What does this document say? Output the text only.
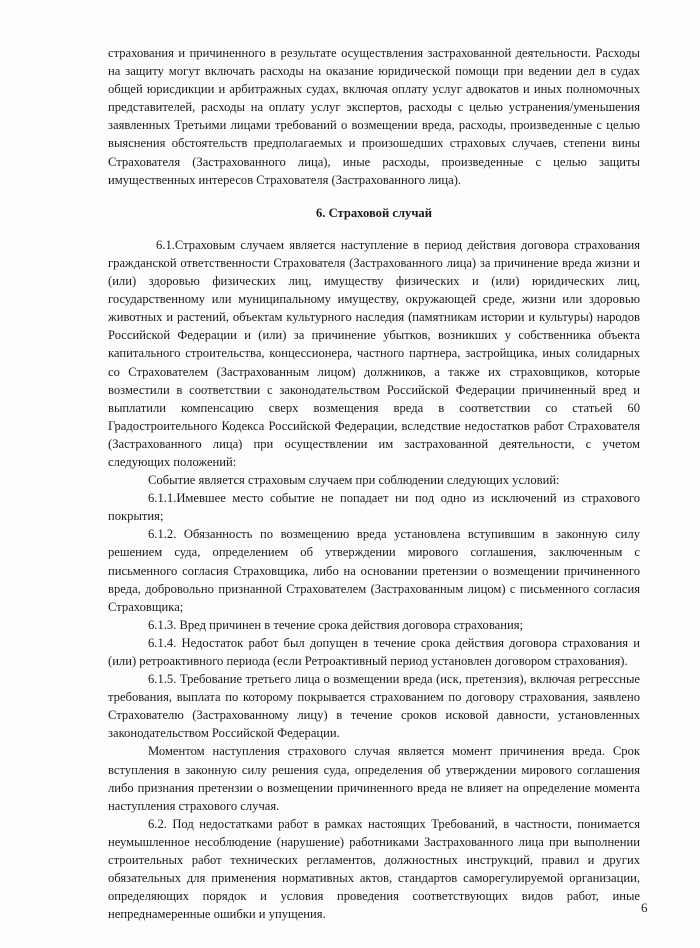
страхования и причиненного в результате осуществления застрахованной деятельности. Расходы на защиту могут включать расходы на оказание юридической помощи при ведении дел в судах общей юрисдикции и арбитражных судах, включая оплату услуг адвокатов и иных полномочных представителей, расходы на оплату услуг экспертов, расходы с целью устранения/уменьшения заявленных Третьими лицами требований о возмещении вреда, расходы, произведенные с целью выяснения обстоятельств предполагаемых и произошедших страховых случаев, степени вины Страхователя (Застрахованного лица), иные расходы, произведенные с целью защиты имущественных интересов Страхователя (Застрахованного лица).

6. Страховой случай

6.1.Страховым случаем является наступление в период действия договора страхования гражданской ответственности Страхователя (Застрахованного лица) за причинение вреда жизни и (или) здоровью физических лиц, имуществу физических и (или) юридических лиц, государственному или муниципальному имуществу, окружающей среде, жизни или здоровью животных и растений, объектам культурного наследия (памятникам истории и культуры) народов Российской Федерации и (или) за причинение убытков, возникших у собственника объекта капитального строительства, концессионера, частного партнера, застройщика, иных солидарных со Страхователем (Застрахованным лицом) должников, а также их страховщиков, которые возместили в соответствии с законодательством Российской Федерации причиненный вред и выплатили компенсацию сверх возмещения вреда в соответствии со статьей 60 Градостроительного Кодекса Российской Федерации, вследствие недостатков работ Страхователя (Застрахованного лица) при осуществлении им застрахованной деятельности, с учетом следующих положений:

Событие является страховым случаем при соблюдении следующих условий:

6.1.1.Имевшее место событие не попадает ни под одно из исключений из страхового покрытия;

6.1.2. Обязанность по возмещению вреда установлена вступившим в законную силу решением суда, определением об утверждении мирового соглашения, заключенным с письменного согласия Страховщика, либо на основании претензии о возмещении причиненного вреда, добровольно признанной Страхователем (Застрахованным лицом) с письменного согласия Страховщика;

6.1.3. Вред причинен в течение срока действия договора страхования;

6.1.4. Недостаток работ был допущен в течение срока действия договора страхования и (или) ретроактивного периода (если Ретроактивный период установлен договором страхования).

6.1.5. Требование третьего лица о возмещении вреда (иск, претензия), включая регрессные требования, выплата по которому покрывается страхованием по договору страхования, заявлено Страхователю (Застрахованному лицу) в течение сроков исковой давности, установленных законодательством Российской Федерации.

Моментом наступления страхового случая является момент причинения вреда. Срок вступления в законную силу решения суда, определения об утверждении мирового соглашения либо признания претензии о возмещении причиненного вреда не влияет на определение момента наступления страхового случая.

6.2. Под недостатками работ в рамках настоящих Требований, в частности, понимается неумышленное несоблюдение (нарушение) работниками Застрахованного лица при выполнении строительных работ технических регламентов, должностных инструкций, правил и других обязательных для применения нормативных актов, стандартов саморегулируемой организации, определяющих порядок и условия проведения соответствующих видов работ, иные непреднамеренные ошибки и упущения.	6
